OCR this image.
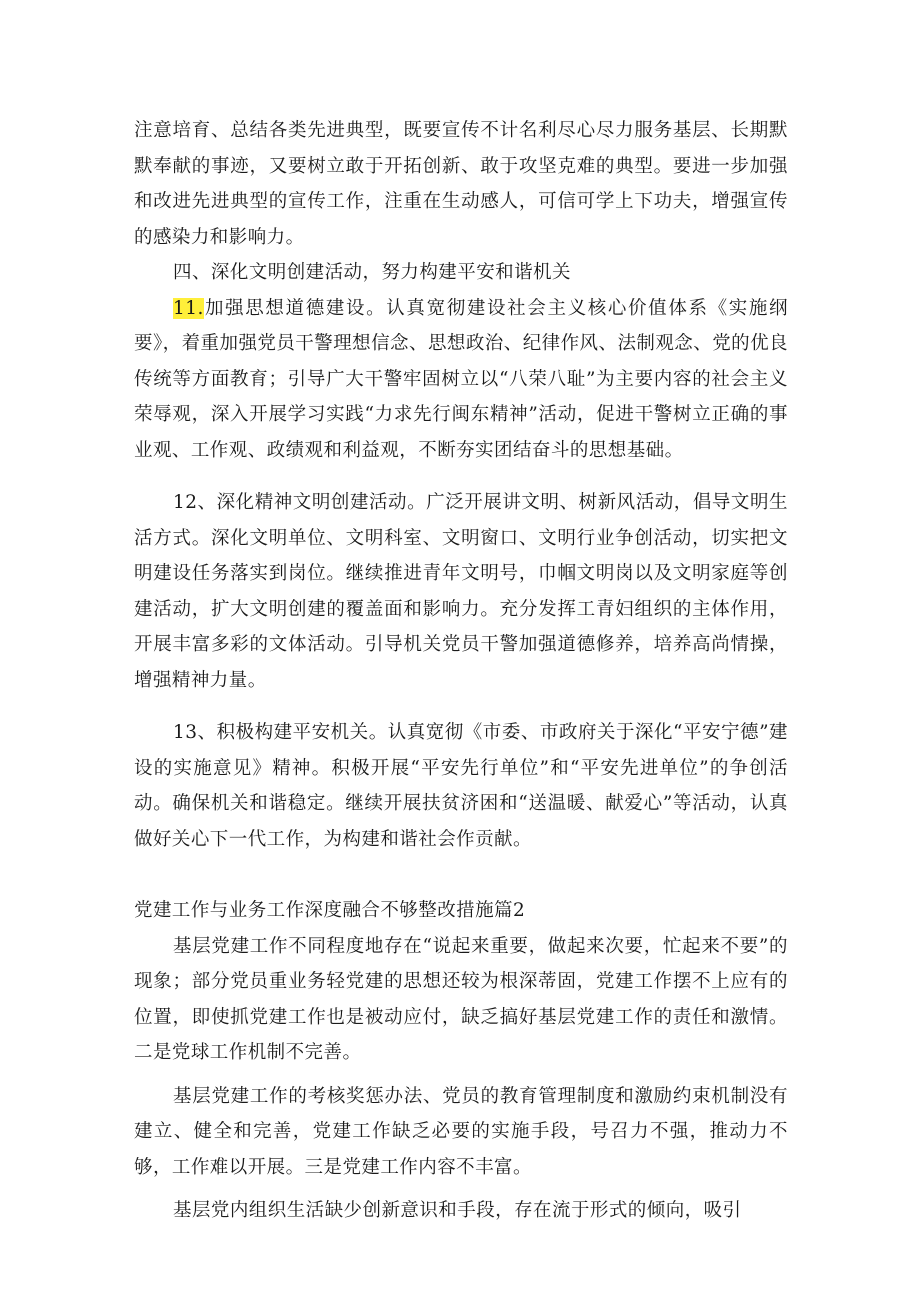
注意培育、总结各类先进典型，既要宣传不计名利尽心尽力服务基层、长期默默奉献的事迹，又要树立敢于开拓创新、敢于攻坚克难的典型。要进一步加强和改进先进典型的宣传工作，注重在生动感人，可信可学上下功夫，增强宣传的感染力和影响力。

四、深化文明创建活动，努力构建平安和谐机关

11.加强思想道德建设。认真宽彻建设社会主义核心价值体系《实施纲要》，着重加强党员干警理想信念、思想政治、纪律作风、法制观念、党的优良传统等方面教育；引导广大干警牢固树立以“八荣八耻”为主要内容的社会主义荣辱观，深入开展学习实践“力求先行闽东精神”活动，促进干警树立正确的事业观、工作观、政绩观和利益观，不断夯实团结奋斗的思想基础。

12、深化精神文明创建活动。广泛开展讲文明、树新风活动，倡导文明生活方式。深化文明单位、文明科室、文明窗口、文明行业争创活动，切实把文明建设任务落实到岗位。继续推进青年文明号，巾帼文明岗以及文明家庭等创建活动，扩大文明创建的覆盖面和影响力。充分发挥工青妇组织的主体作用，开展丰富多彩的文体活动。引导机关党员干警加强道德修养，培养高尚情操，增强精神力量。

13、积极构建平安机关。认真宽彻《市委、市政府关于深化“平安宁德”建设的实施意见》精神。积极开展“平安先行单位”和“平安先进单位”的争创活动。确保机关和谐稳定。继续开展扶贫济困和“送温暖、献爱心”等活动，认真做好关心下一代工作，为构建和谐社会作贡献。

党建工作与业务工作深度融合不够整改措施篇2

基层党建工作不同程度地存在“说起来重要，做起来次要，忙起来不要”的现象；部分党员重业务轻党建的思想还较为根深蒂固，党建工作摆不上应有的位置，即使抓党建工作也是被动应付，缺乏搞好基层党建工作的责任和激情。二是党球工作机制不完善。

基层党建工作的考核奖惩办法、党员的教育管理制度和激励约束机制没有建立、健全和完善，党建工作缺乏必要的实施手段，号召力不强，推动力不够，工作难以开展。三是党建工作内容不丰富。

基层党内组织生活缺少创新意识和手段，存在流于形式的倾向，吸引
